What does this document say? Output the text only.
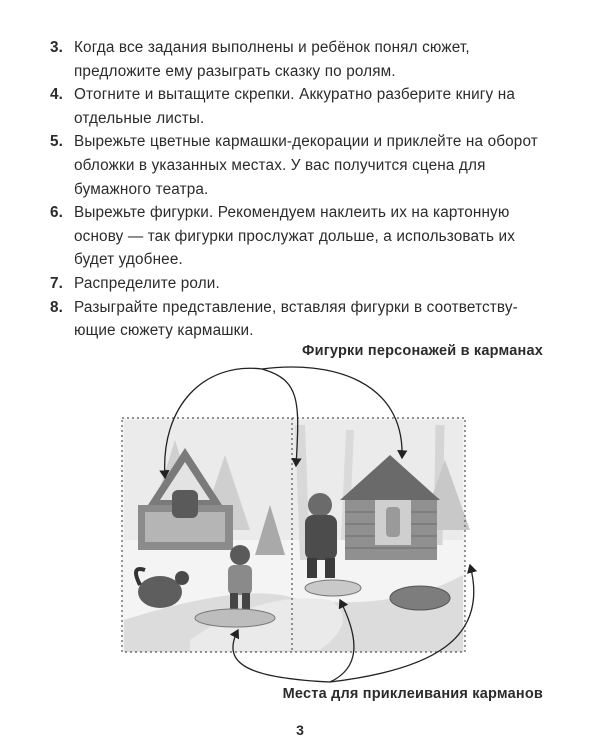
3. Когда все задания выполнены и ребёнок понял сюжет, предложите ему разыграть сказку по ролям.
4. Отогните и вытащите скрепки. Аккуратно разберите книгу на отдельные листы.
5. Вырежьте цветные кармашки-декорации и приклейте на оборот обложки в указанных местах. У вас получится сцена для бумажного театра.
6. Вырежьте фигурки. Рекомендуем наклеить их на картонную основу — так фигурки прослужат дольше, а использовать их будет удобнее.
7. Распределите роли.
8. Разыграйте представление, вставляя фигурки в соответству-ющие сюжету кармашки.
Фигурки персонажей в карманах
Места для приклеивания карманов
3
